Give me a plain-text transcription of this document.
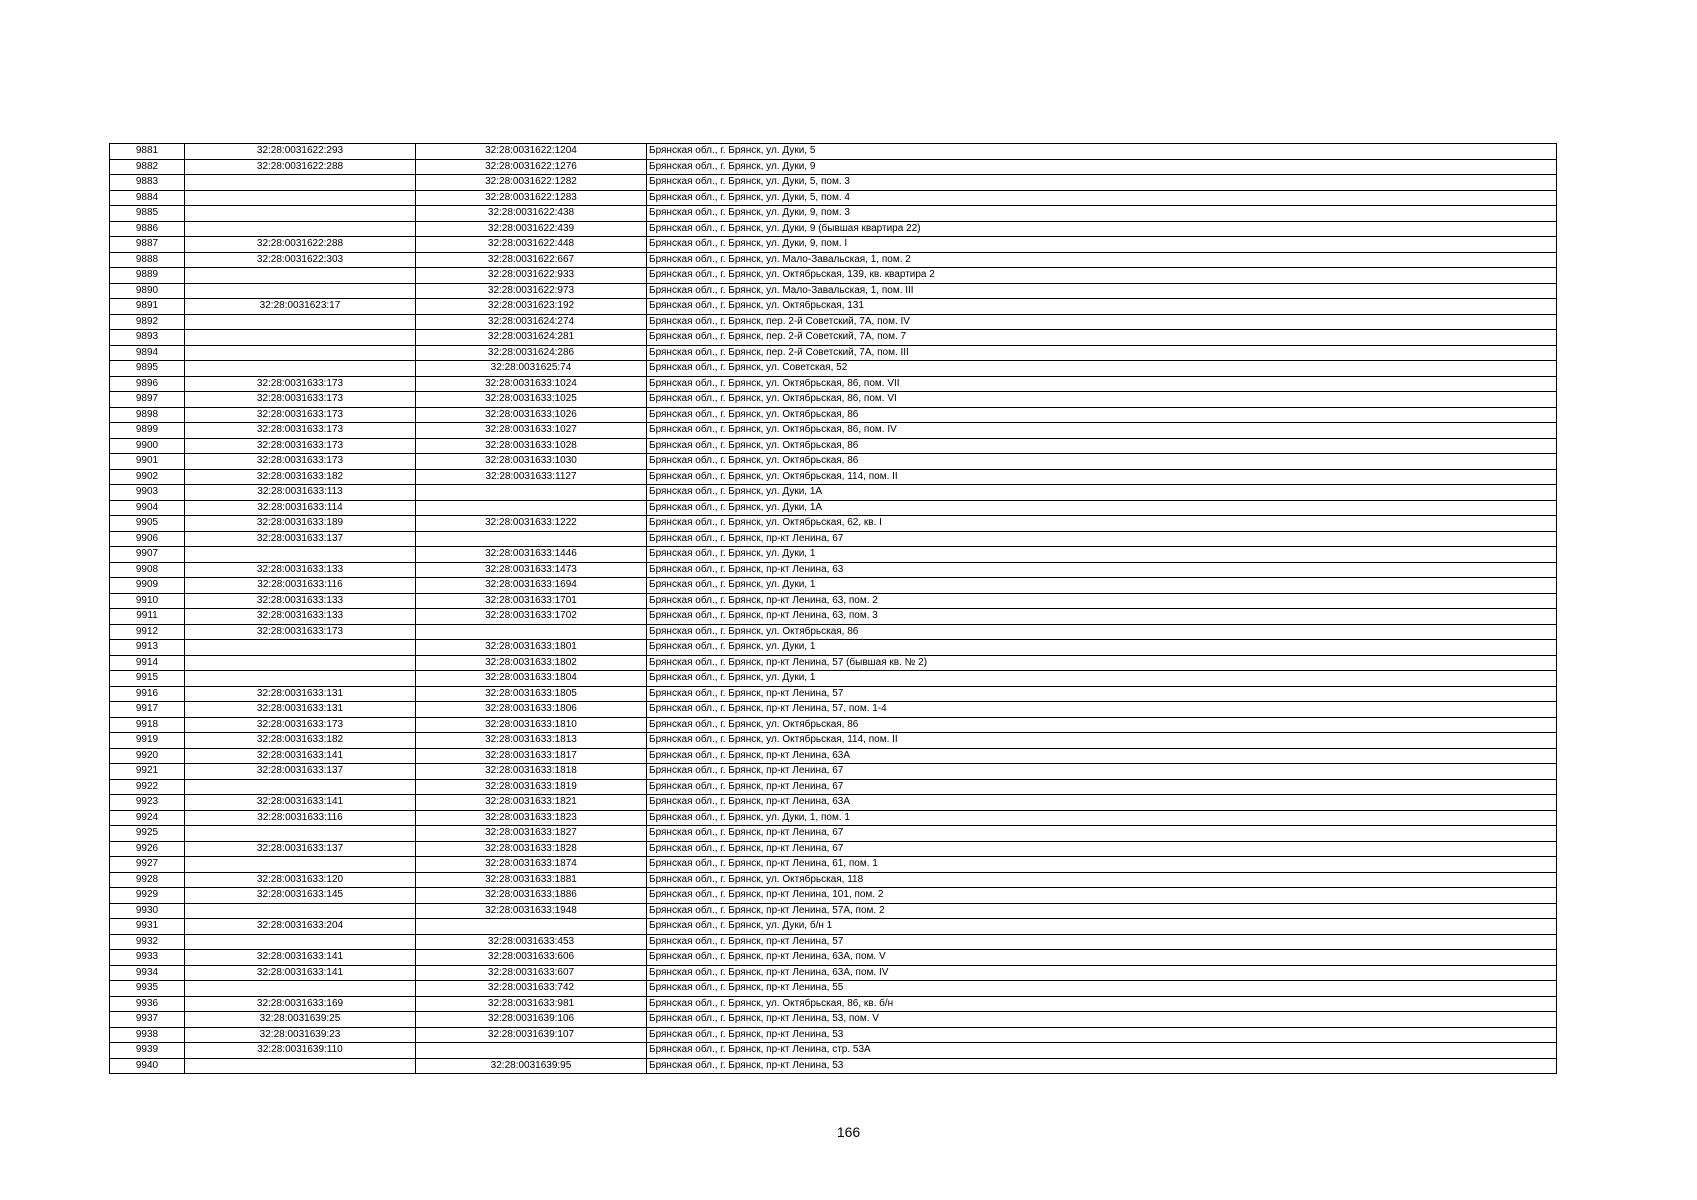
9881	32:28:0031622:293	32:28:0031622:1204	Брянская обл., г. Брянск, ул. Дуки, 5
9882	32:28:0031622:288	32:28:0031622:1276	Брянская обл., г. Брянск, ул. Дуки, 9
9883		32:28:0031622:1282	Брянская обл., г. Брянск, ул. Дуки, 5, пом. 3
9884		32:28:0031622:1283	Брянская обл., г. Брянск, ул. Дуки, 5, пом. 4
9885		32:28:0031622:438	Брянская обл., г. Брянск, ул. Дуки, 9, пом. 3
9886		32:28:0031622:439	Брянская обл., г. Брянск, ул. Дуки, 9 (бывшая квартира 22)
9887	32:28:0031622:288	32:28:0031622:448	Брянская обл., г. Брянск, ул. Дуки, 9, пом. I
9888	32:28:0031622:303	32:28:0031622:667	Брянская обл., г. Брянск, ул. Мало-Завальская, 1, пом. 2
9889		32:28:0031622:933	Брянская обл., г. Брянск, ул. Октябрьская, 139, кв. квартира 2
9890		32:28:0031622:973	Брянская обл., г. Брянск, ул. Мало-Завальская, 1, пом. III
9891	32:28:0031623:17	32:28:0031623:192	Брянская обл., г. Брянск, ул. Октябрьская, 131
9892		32:28:0031624:274	Брянская обл., г. Брянск, пер. 2-й Советский, 7А, пом. IV
9893		32:28:0031624:281	Брянская обл., г. Брянск, пер. 2-й Советский, 7А, пом. 7
9894		32:28:0031624:286	Брянская обл., г. Брянск, пер. 2-й Советский, 7А, пом. III
9895		32:28:0031625:74	Брянская обл., г. Брянск, ул. Советская, 52
9896	32:28:0031633:173	32:28:0031633:1024	Брянская обл., г. Брянск, ул. Октябрьская, 86, пом. VII
9897	32:28:0031633:173	32:28:0031633:1025	Брянская обл., г. Брянск, ул. Октябрьская, 86, пом. VI
9898	32:28:0031633:173	32:28:0031633:1026	Брянская обл., г. Брянск, ул. Октябрьская, 86
9899	32:28:0031633:173	32:28:0031633:1027	Брянская обл., г. Брянск, ул. Октябрьская, 86, пом. IV
9900	32:28:0031633:173	32:28:0031633:1028	Брянская обл., г. Брянск, ул. Октябрьская, 86
9901	32:28:0031633:173	32:28:0031633:1030	Брянская обл., г. Брянск, ул. Октябрьская, 86
9902	32:28:0031633:182	32:28:0031633:1127	Брянская обл., г. Брянск, ул. Октябрьская, 114, пом. II
9903	32:28:0031633:113		Брянская обл., г. Брянск, ул. Дуки, 1А
9904	32:28:0031633:114		Брянская обл., г. Брянск, ул. Дуки, 1А
9905	32:28:0031633:189	32:28:0031633:1222	Брянская обл., г. Брянск, ул. Октябрьская, 62, кв. I
9906	32:28:0031633:137		Брянская обл., г. Брянск, пр-кт Ленина, 67
9907		32:28:0031633:1446	Брянская обл., г. Брянск, ул. Дуки, 1
9908	32:28:0031633:133	32:28:0031633:1473	Брянская обл., г. Брянск, пр-кт Ленина, 63
9909	32:28:0031633:116	32:28:0031633:1694	Брянская обл., г. Брянск, ул. Дуки, 1
9910	32:28:0031633:133	32:28:0031633:1701	Брянская обл., г. Брянск, пр-кт Ленина, 63, пом. 2
9911	32:28:0031633:133	32:28:0031633:1702	Брянская обл., г. Брянск, пр-кт Ленина, 63, пом. 3
9912	32:28:0031633:173		Брянская обл., г. Брянск, ул. Октябрьская, 86
9913		32:28:0031633:1801	Брянская обл., г. Брянск, ул. Дуки, 1
9914		32:28:0031633:1802	Брянская обл., г. Брянск, пр-кт Ленина, 57 (бывшая кв. № 2)
9915		32:28:0031633:1804	Брянская обл., г. Брянск, ул. Дуки, 1
9916	32:28:0031633:131	32:28:0031633:1805	Брянская обл., г. Брянск, пр-кт Ленина, 57
9917	32:28:0031633:131	32:28:0031633:1806	Брянская обл., г. Брянск, пр-кт Ленина, 57, пом. 1-4
9918	32:28:0031633:173	32:28:0031633:1810	Брянская обл., г. Брянск, ул. Октябрьская, 86
9919	32:28:0031633:182	32:28:0031633:1813	Брянская обл., г. Брянск, ул. Октябрьская, 114, пом. II
9920	32:28:0031633:141	32:28:0031633:1817	Брянская обл., г. Брянск, пр-кт Ленина, 63А
9921	32:28:0031633:137	32:28:0031633:1818	Брянская обл., г. Брянск, пр-кт Ленина, 67
9922		32:28:0031633:1819	Брянская обл., г. Брянск, пр-кт Ленина, 67
9923	32:28:0031633:141	32:28:0031633:1821	Брянская обл., г. Брянск, пр-кт Ленина, 63А
9924	32:28:0031633:116	32:28:0031633:1823	Брянская обл., г. Брянск, ул. Дуки, 1, пом. 1
9925		32:28:0031633:1827	Брянская обл., г. Брянск, пр-кт Ленина, 67
9926	32:28:0031633:137	32:28:0031633:1828	Брянская обл., г. Брянск, пр-кт Ленина, 67
9927		32:28:0031633:1874	Брянская обл., г. Брянск, пр-кт Ленина, 61, пом. 1
9928	32:28:0031633:120	32:28:0031633:1881	Брянская обл., г. Брянск, ул. Октябрьская, 118
9929	32:28:0031633:145	32:28:0031633:1886	Брянская обл., г. Брянск, пр-кт Ленина, 101, пом. 2
9930		32:28:0031633:1948	Брянская обл., г. Брянск, пр-кт Ленина, 57А, пом. 2
9931	32:28:0031633:204		Брянская обл., г. Брянск, ул. Дуки, б/н 1
9932		32:28:0031633:453	Брянская обл., г. Брянск, пр-кт Ленина, 57
9933	32:28:0031633:141	32:28:0031633:606	Брянская обл., г. Брянск, пр-кт Ленина, 63А, пом. V
9934	32:28:0031633:141	32:28:0031633:607	Брянская обл., г. Брянск, пр-кт Ленина, 63А, пом. IV
9935		32:28:0031633:742	Брянская обл., г. Брянск, пр-кт Ленина, 55
9936	32:28:0031633:169	32:28:0031633:981	Брянская обл., г. Брянск, ул. Октябрьская, 86, кв. б/н
9937	32:28:0031639:25	32:28:0031639:106	Брянская обл., г. Брянск, пр-кт Ленина, 53, пом. V
9938	32:28:0031639:23	32:28:0031639:107	Брянская обл., г. Брянск, пр-кт Ленина, 53
9939	32:28:0031639:110		Брянская обл., г. Брянск, пр-кт Ленина, стр. 53А
9940		32:28:0031639:95	Брянская обл., г. Брянск, пр-кт Ленина, 53
166
